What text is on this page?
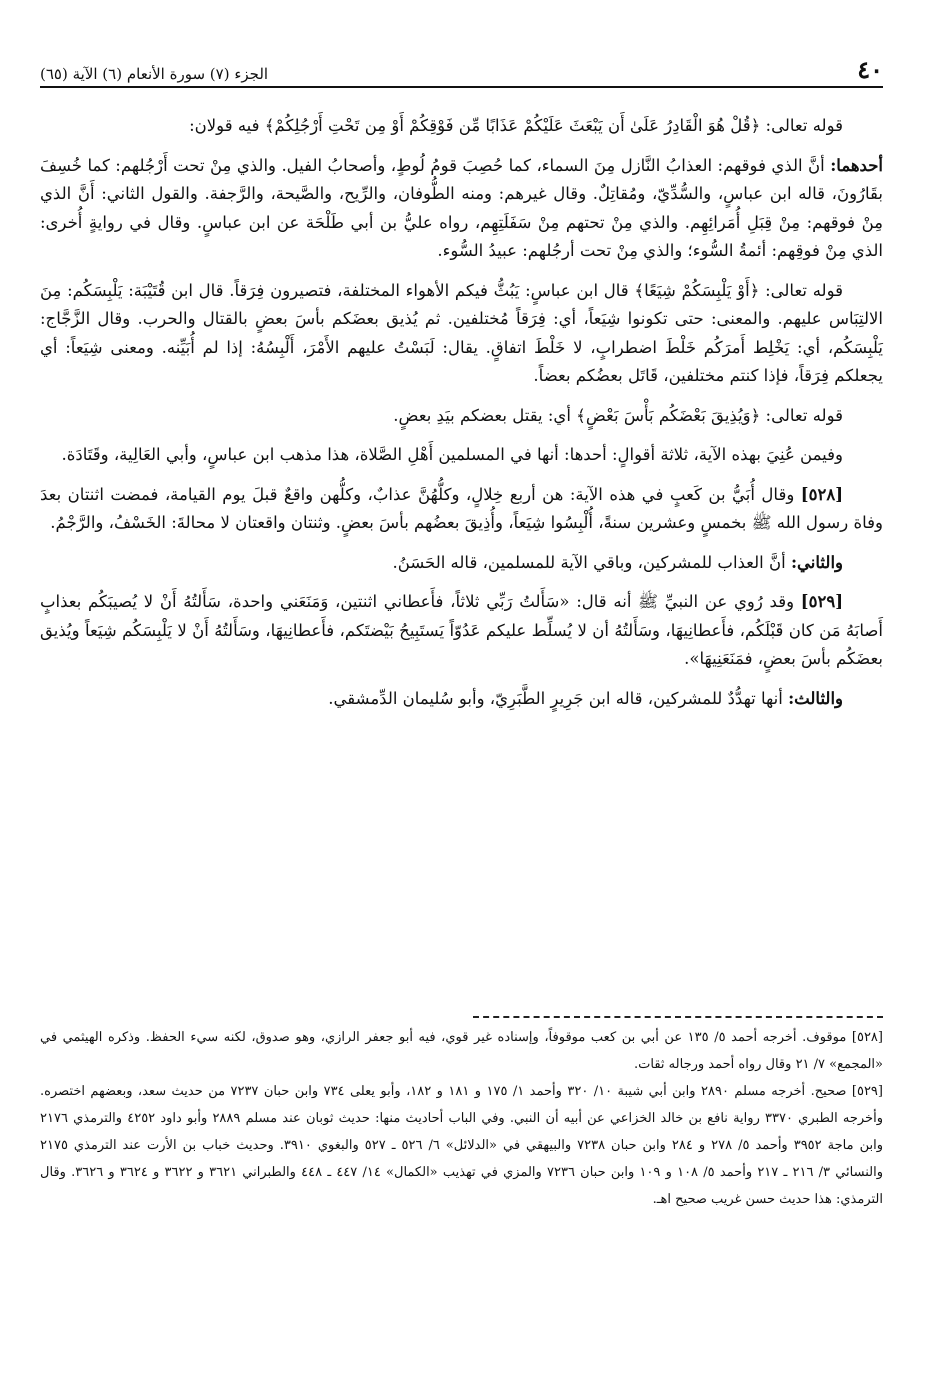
٤٠
الجزء (٧) سورة الأنعام (٦) الآية (٦٥)

قوله تعالى: ﴿قُلْ هُوَ الْقَادِرُ عَلَىٰ أَن يَبْعَثَ عَلَيْكُمْ عَذَابًا مِّن فَوْقِكُمْ أَوْ مِن تَحْتِ أَرْجُلِكُمْ﴾ فيه قولان:

أحدهما: أنَّ الذي فوقهم: العذابُ النَّازل مِنَ السماء، كما حُصِبَ قومُ لُوطٍ، وأصحابُ الفيل. والذي مِنْ تحت أَرْجُلهم: كما خُسِفَ بقَارُونَ، قاله ابن عباسٍ، والسُّدِّيّ، ومُقاتِلٌ. وقال غيرهم: ومنه الطُّوفان، والرِّيح، والصَّيحة، والرَّجفة. والقول الثاني: أَنَّ الذي مِنْ فوقهم: مِنْ قِبَلِ أُمَرائِهِم. والذي مِنْ تحتهم مِنْ سَفَلَتِهِم، رواه عليُّ بن أبي طَلْحَة عن ابن عباسٍ. وقال في روايةٍ أُخرى: الذي مِنْ فوقِهم: أئمةُ السُّوء؛ والذي مِنْ تحت أرجُلهم: عبيدُ السُّوء.

قوله تعالى: ﴿أَوْ يَلْبِسَكُمْ شِيَعًا﴾ قال ابن عباسٍ: يَبُثُّ فيكم الأهواء المختلفة، فتصيرون فِرَقاً. قال ابن قُتَيْبَة: يَلْبِسَكُم: مِنَ الالتِبَاس عليهم. والمعنى: حتى تكونوا شِيَعاً، أي: فِرَقاً مُختلفين. ثم يُذيق بعضَكم بأسَ بعضٍ بالقتال والحرب. وقال الزَّجَّاج: يَلْبِسَكُم، أي: يَخْلِط أَمرَكُم خَلْطَ اضطرابٍ، لا خَلْطَ اتفاقٍ. يقال: لَبَسْتُ عليهم الأَمْرَ، أَلْبِسُهُ: إذا لم أُبَيِّنه. ومعنى شِيَعاً: أي يجعلكم فِرَقاً، فإذا كنتم مختلفين، قَاتَل بعضُكم بعضاً.

قوله تعالى: ﴿وَيُذِيقَ بَعْضَكُم بَأْسَ بَعْضٍ﴾ أي: يقتل بعضكم بيَدِ بعضٍ.

وفيمن عُنِيَ بهذه الآية، ثلاثة أقوالٍ: أحدها: أنها في المسلمين أَهْلِ الصَّلاة، هذا مذهب ابن عباسٍ، وأبي العَالِية، وقَتَادَة.

[٥٢٨] وقال أُبَيُّ بن كَعبٍ في هذه الآية: هن أربع خِلالٍ، وكلُّهُنَّ عذابٌ، وكلُّهن واقعٌ قبلَ يوم القيامة، فمضت اثنتان بعدَ وفاة رسول الله ﷺ بخمسٍ وعشرين سنةً، أُلْبِسُوا شِيَعاً، وأُذِيقَ بعضُهم بأسَ بعضٍ. وثنتان واقعتان لا محالةَ: الخَسْفُ، والرَّجْمُ.

والثاني: أنَّ العذاب للمشركين، وباقي الآية للمسلمين، قاله الحَسَنُ.

[٥٢٩] وقد رُوي عن النبيِّ ﷺ أنه قال: «سَأَلتُ رَبِّي ثلاثاً، فأَعطاني اثنتين، وَمَنَعَني واحدة، سَأَلتُهُ أَنْ لا يُصيبَكُم بعذابٍ أَصابَهُ مَن كان قَبْلَكُم، فأَعطانِيهَا، وسَأَلتُهُ أن لا يُسلِّط عليكم عَدُوّاً يَستَبِيحُ بَيْضتَكم، فأَعطانِيهَا، وسَأَلتُهُ أَنْ لا يَلْبِسَكُم شِيَعاً ويُذيق بعضَكُم بأسَ بعضٍ، فمَنَعَنِيهَا».

والثالث: أنها تهدُّدٌ للمشركين، قاله ابن جَرِيرٍ الطَّبَرِيّ، وأبو سُليمان الدِّمشقي.

[٥٢٨] موقوف. أخرجه أحمد ٥/ ١٣٥ عن أبي بن كعب موقوفاً، وإسناده غير قوي، فيه أبو جعفر الرازي، وهو صدوق، لكنه سيء الحفظ. وذكره الهيثمي في «المجمع» ٧/ ٢١ وقال رواه أحمد ورجاله ثقات.

[٥٢٩] صحيح. أخرجه مسلم ٢٨٩٠ وابن أبي شيبة ١٠/ ٣٢٠ وأحمد ١/ ١٧٥ و ١٨١ و ١٨٢، وأبو يعلى ٧٣٤ وابن حبان ٧٢٣٧ من حديث سعد، وبعضهم اختصره. وأخرجه الطبري ٣٣٧٠ رواية نافع بن خالد الخزاعي عن أبيه أن النبي. وفي الباب أحاديث منها: حديث ثوبان عند مسلم ٢٨٨٩ وأبو داود ٤٢٥٢ والترمذي ٢١٧٦ وابن ماجة ٣٩٥٢ وأحمد ٥/ ٢٧٨ و ٢٨٤ وابن حبان ٧٢٣٨ والبيهقي في «الدلائل» ٦/ ٥٢٦ ـ ٥٢٧ والبغوي ٣٩١٠. وحديث خباب بن الأرت عند الترمذي ٢١٧٥ والنسائي ٣/ ٢١٦ ـ ٢١٧ وأحمد ٥/ ١٠٨ و ١٠٩ وابن حبان ٧٢٣٦ والمزي في تهذيب «الكمال» ١٤/ ٤٤٧ ـ ٤٤٨ والطبراني ٣٦٢١ و ٣٦٢٢ و ٣٦٢٤ و ٣٦٢٦. وقال الترمذي: هذا حديث حسن غريب صحيح اهـ.
